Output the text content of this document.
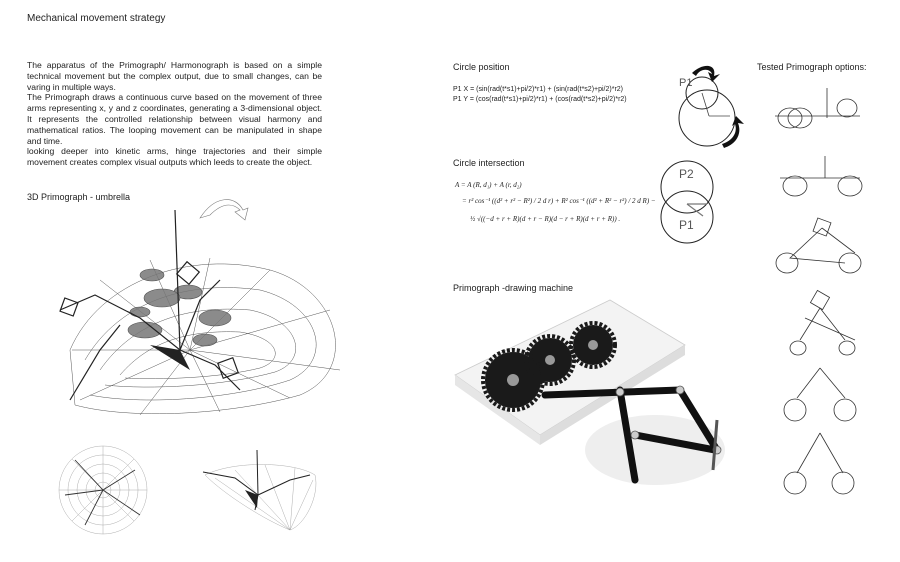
Mechanical movement strategy

The apparatus of the Primograph/ Harmonograph is based on a simple technical movement but the complex output, due to small changes, can be varing in multiple ways.

The Primograph draws a continuous curve based on the movement of three arms representing x, y and z coordinates, generating a 3-dimensional object. It represents the controlled relationship between visual harmony and mathematical ratios. The looping movement can be manipulated in shape and time.

looking deeper into kinetic arms, hinge trajectories and their simple movement creates complex visual outputs which leeds to create the object.

3D Primograph - umbrella
Circle position
P1 X = (sin(rad(t*s1)+pi/2)*r1) + (sin(rad(t*s2)+pi/2)*r2)
P1 Y = (cos(rad(t*s1)+pi/2)*r1) + (cos(rad(t*s2)+pi/2)*r2)
P1
Circle intersection
A = A (R, d₁) + A (r, d₂)
= r² cos⁻¹ ((d² + r² − R²) / 2 d r) + R² cos⁻¹ ((d² + R² − r²) / 2 d R) −
½ √((−d + r + R)(d + r − R)(d − r + R)(d + r + R)) .
P2
P1
Primograph -drawing machine
Tested Primograph options:
